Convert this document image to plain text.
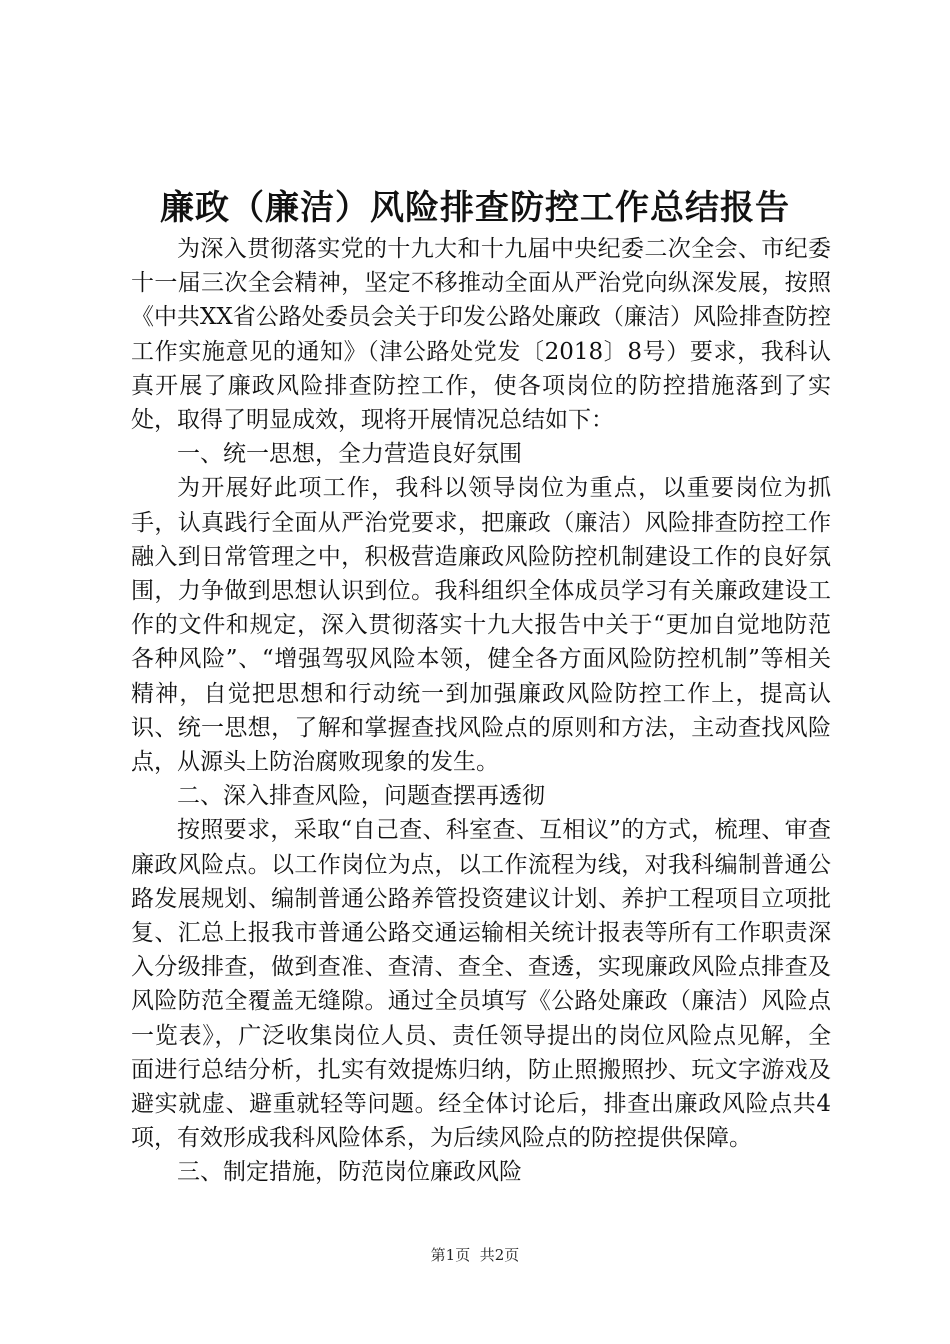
廉政（廉洁）风险排查防控工作总结报告

为深入贯彻落实党的十九大和十九届中央纪委二次全会、市纪委十一届三次全会精神，坚定不移推动全面从严治党向纵深发展，按照《中共XX省公路处委员会关于印发公路处廉政（廉洁）风险排查防控工作实施意见的通知》（津公路处党发〔2018〕8号）要求，我科认真开展了廉政风险排查防控工作，使各项岗位的防控措施落到了实处，取得了明显成效，现将开展情况总结如下：

一、统一思想，全力营造良好氛围

为开展好此项工作，我科以领导岗位为重点，以重要岗位为抓手，认真践行全面从严治党要求，把廉政（廉洁）风险排查防控工作融入到日常管理之中，积极营造廉政风险防控机制建设工作的良好氛围，力争做到思想认识到位。我科组织全体成员学习有关廉政建设工作的文件和规定，深入贯彻落实十九大报告中关于“更加自觉地防范各种风险”、“增强驾驭风险本领，健全各方面风险防控机制”等相关精神，自觉把思想和行动统一到加强廉政风险防控工作上，提高认识、统一思想，了解和掌握查找风险点的原则和方法，主动查找风险点，从源头上防治腐败现象的发生。

二、深入排查风险，问题查摆再透彻

按照要求，采取“自己查、科室查、互相议”的方式，梳理、审查廉政风险点。以工作岗位为点，以工作流程为线，对我科编制普通公路发展规划、编制普通公路养管投资建议计划、养护工程项目立项批复、汇总上报我市普通公路交通运输相关统计报表等所有工作职责深入分级排查，做到查准、查清、查全、查透，实现廉政风险点排查及风险防范全覆盖无缝隙。通过全员填写《公路处廉政（廉洁）风险点一览表》，广泛收集岗位人员、责任领导提出的岗位风险点见解，全面进行总结分析，扎实有效提炼归纳，防止照搬照抄、玩文字游戏及避实就虚、避重就轻等问题。经全体讨论后，排查出廉政风险点共4项，有效形成我科风险体系，为后续风险点的防控提供保障。

三、制定措施，防范岗位廉政风险

第1页 共2页
